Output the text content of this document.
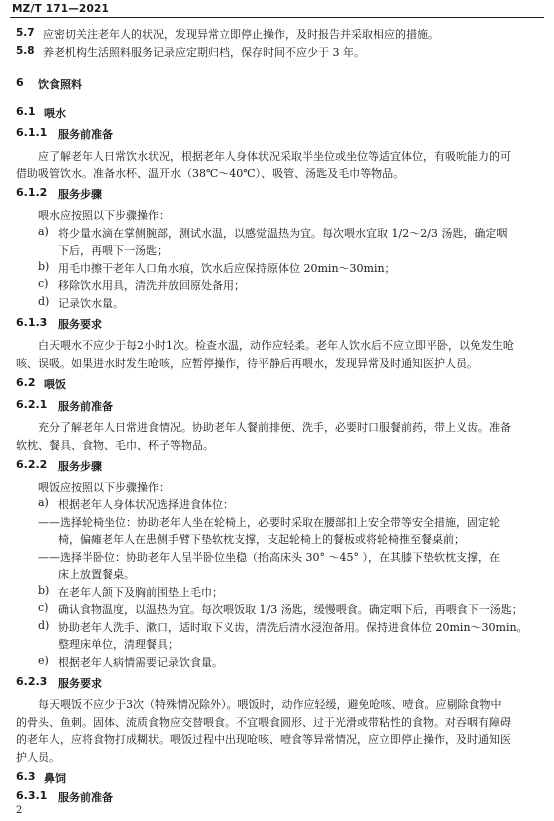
MZ/T 171—2021
5.7 应密切关注老年人的状况，发现异常立即停止操作，及时报告并采取相应的措施。
5.8 养老机构生活照料服务记录应定期归档，保存时间不应少于 3 年。
6 饮食照料
6.1 喂水
6.1.1 服务前准备
应了解老年人日常饮水状况，根据老年人身体状况采取半坐位或坐位等适宜体位，有吸吮能力的可
借助吸管饮水。准备水杯、温开水（38℃～40℃）、吸管、汤匙及毛巾等物品。
6.1.2 服务步骤
喂水应按照以下步骤操作：
a) 将少量水滴在掌侧腕部，测试水温，以感觉温热为宜。每次喂水宜取 1/2～2/3 汤匙，确定咽
下后，再喂下一汤匙；
b) 用毛巾擦干老年人口角水痕，饮水后应保持原体位 20min～30min；
c) 移除饮水用具，清洗并放回原处备用；
d) 记录饮水量。
6.1.3 服务要求
白天喂水不应少于每2小时1次。检查水温，动作应轻柔。老年人饮水后不应立即平卧，以免发生呛
咳、误吸。如果进水时发生呛咳，应暂停操作，待平静后再喂水，发现异常及时通知医护人员。
6.2 喂饭
6.2.1 服务前准备
充分了解老年人日常进食情况。协助老年人餐前排便、洗手，必要时口服餐前药，带上义齿。准备
软枕、餐具、食物、毛巾、杯子等物品。
6.2.2 服务步骤
喂饭应按照以下步骤操作：
a) 根据老年人身体状况选择进食体位：
——选择轮椅坐位：协助老年人坐在轮椅上，必要时采取在腰部扣上安全带等安全措施，固定轮
椅，偏瘫老年人在患侧手臂下垫软枕支撑，支起轮椅上的餐板或将轮椅推至餐桌前；
——选择半卧位：协助老年人呈半卧位坐稳（抬高床头 30° ～45° ），在其膝下垫软枕支撑，在
床上放置餐桌。
b) 在老年人颌下及胸前围垫上毛巾；
c) 确认食物温度，以温热为宜。每次喂饭取 1/3 汤匙，缓慢喂食。确定咽下后，再喂食下一汤匙；
d) 协助老年人洗手、漱口，适时取下义齿，清洗后清水浸泡备用。保持进食体位 20min～30min。
整理床单位，清理餐具；
e) 根据老年人病情需要记录饮食量。
6.2.3 服务要求
每天喂饭不应少于3次（特殊情况除外）。喂饭时，动作应轻缓，避免呛咳、噎食。应剔除食物中
的骨头、鱼刺。固体、流质食物应交替喂食。不宜喂食圆形、过于光滑或带粘性的食物。对吞咽有障碍
的老年人，应将食物打成糊状。喂饭过程中出现呛咳、噎食等异常情况，应立即停止操作，及时通知医
护人员。
6.3 鼻饲
6.3.1 服务前准备
2
